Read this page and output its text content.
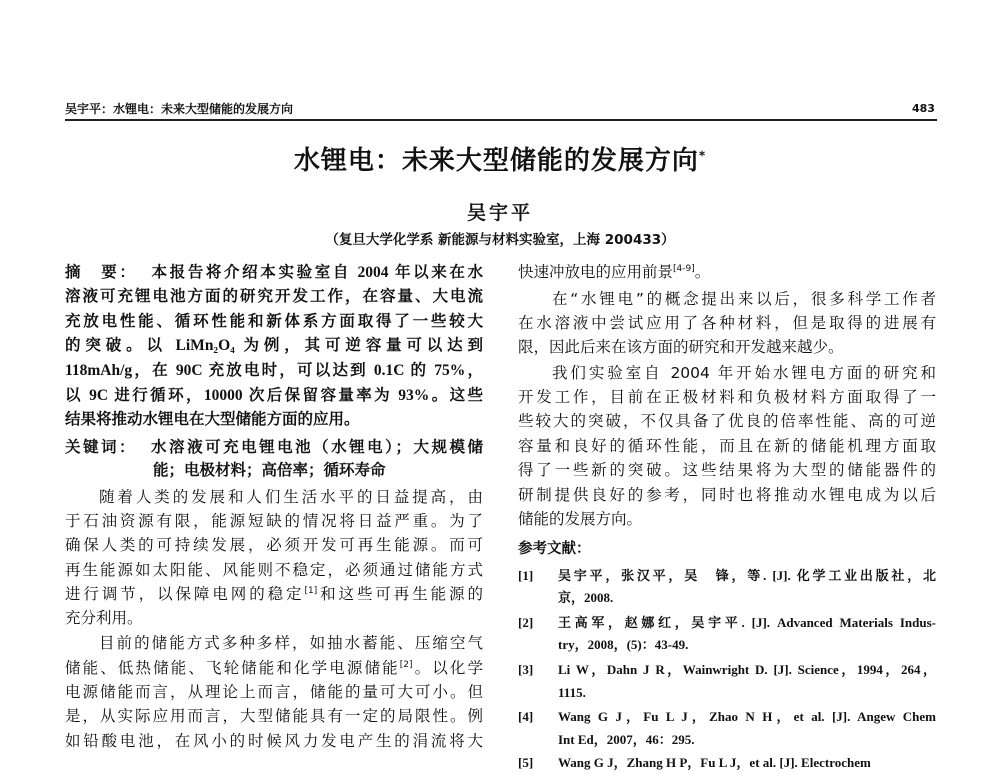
吴宇平：水锂电：未来大型储能的发展方向	483
水锂电：未来大型储能的发展方向*
吴宇平
（复旦大学化学系 新能源与材料实验室，上海 200433）
摘　要： 本报告将介绍本实验室自 2004 年以来在水
溶液可充锂电池方面的研究开发工作，在容量、大电流
充放电性能、循环性能和新体系方面取得了一些较大
的突破。以 LiMn₂O₄ 为例，其可逆容量可以达到
118mAh/g，在 90C 充放电时，可以达到 0.1C 的 75%，
以 9C 进行循环，10000 次后保留容量率为 93%。这些
结果将推动水锂电在大型储能方面的应用。
关键词： 水溶液可充电锂电池（水锂电）；大规模储
能；电极材料；高倍率；循环寿命
随着人类的发展和人们生活水平的日益提高，由
于石油资源有限，能源短缺的情况将日益严重。为了
确保人类的可持续发展，必须开发可再生能源。而可
再生能源如太阳能、风能则不稳定，必须通过储能方式
进行调节，以保障电网的稳定[1]和这些可再生能源的
充分利用。
目前的储能方式多种多样，如抽水蓄能、压缩空气
储能、低热储能、飞轮储能和化学电源储能[2]。以化学
电源储能而言，从理论上而言，储能的量可大可小。但
是，从实际应用而言，大型储能具有一定的局限性。例
如铅酸电池，在风小的时候风力发电产生的涓流将大
快速冲放电的应用前景[4-9]。
在“水锂电”的概念提出来以后，很多科学工作者
在水溶液中尝试应用了各种材料，但是取得的进展有
限，因此后来在该方面的研究和开发越来越少。
我们实验室自 2004 年开始水锂电方面的研究和
开发工作，目前在正极材料和负极材料方面取得了一
些较大的突破，不仅具备了优良的倍率性能、高的可逆
容量和良好的循环性能，而且在新的储能机理方面取
得了一些新的突破。这些结果将为大型的储能器件的
研制提供良好的参考，同时也将推动水锂电成为以后
储能的发展方向。
参考文献：
[1] 吴宇平，张汉平，吴　锋，等. [J]. 化学工业出版社，北
京，2008.
[2] 王高军，赵娜红，吴宇平. [J]. Advanced Materials Indus-
try，2008，(5)：43-49.
[3] Li W，Dahn J R，Wainwright D. [J]. Science，1994，264，
1115.
[4] Wang G J，Fu L J，Zhao N H，et al. [J]. Angew Chem
Int Ed，2007，46：295.
[5] Wang G J，Zhang H P，Fu L J，et al. [J]. Electrochem
